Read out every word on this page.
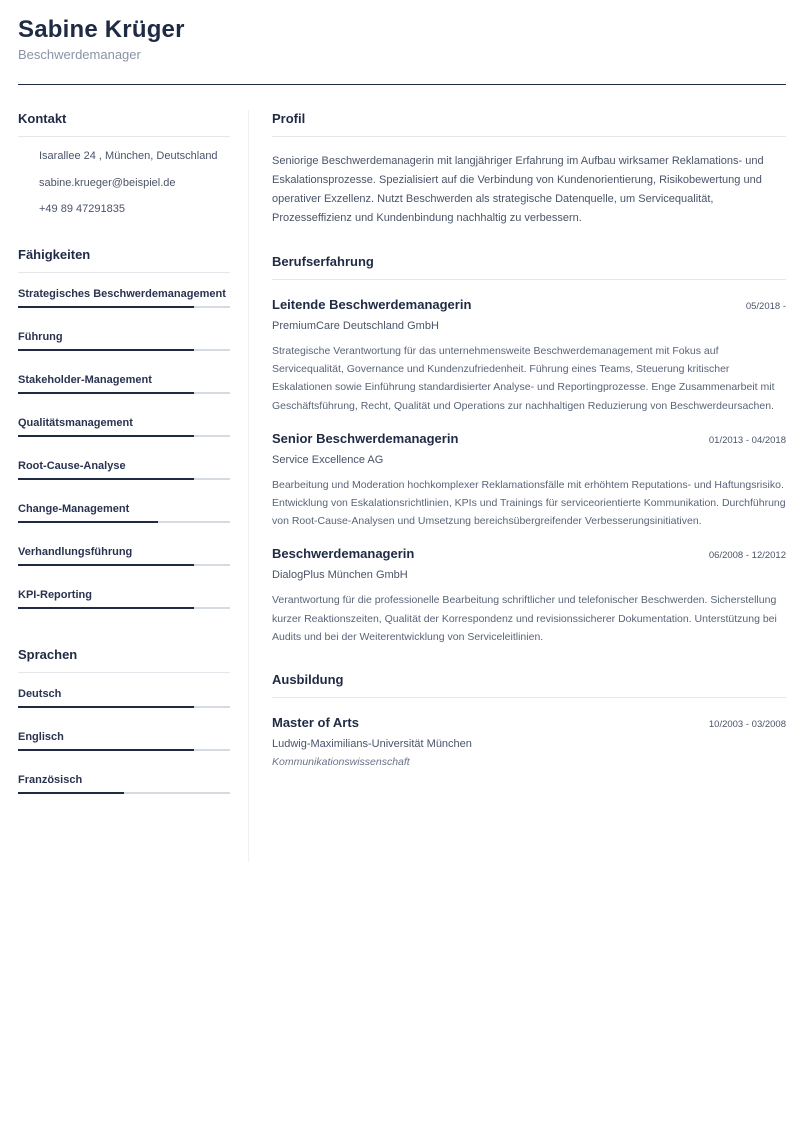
Sabine Krüger
Beschwerdemanager
Kontakt
Isarallee 24 , München, Deutschland
sabine.krueger@beispiel.de
+49 89 47291835
Fähigkeiten
Strategisches Beschwerdemanagement
Führung
Stakeholder-Management
Qualitätsmanagement
Root-Cause-Analyse
Change-Management
Verhandlungsführung
KPI-Reporting
Sprachen
Deutsch
Englisch
Französisch
Profil
Seniorige Beschwerdemanagerin mit langjähriger Erfahrung im Aufbau wirksamer Reklamations- und Eskalationsprozesse. Spezialisiert auf die Verbindung von Kundenorientierung, Risikobewertung und operativer Exzellenz. Nutzt Beschwerden als strategische Datenquelle, um Servicequalität, Prozesseffizienz und Kundenbindung nachhaltig zu verbessern.
Berufserfahrung
Leitende Beschwerdemanagerin	05/2018 -
PremiumCare Deutschland GmbH
Strategische Verantwortung für das unternehmensweite Beschwerdemanagement mit Fokus auf Servicequalität, Governance und Kundenzufriedenheit. Führung eines Teams, Steuerung kritischer Eskalationen sowie Einführung standardisierter Analyse- und Reportingprozesse. Enge Zusammenarbeit mit Geschäftsführung, Recht, Qualität und Operations zur nachhaltigen Reduzierung von Beschwerdeursachen.
Senior Beschwerdemanagerin	01/2013 - 04/2018
Service Excellence AG
Bearbeitung und Moderation hochkomplexer Reklamationsfälle mit erhöhtem Reputations- und Haftungsrisiko. Entwicklung von Eskalationsrichtlinien, KPIs und Trainings für serviceorientierte Kommunikation. Durchführung von Root-Cause-Analysen und Umsetzung bereichsübergreifender Verbesserungsinitiativen.
Beschwerdemanagerin	06/2008 - 12/2012
DialogPlus München GmbH
Verantwortung für die professionelle Bearbeitung schriftlicher und telefonischer Beschwerden. Sicherstellung kurzer Reaktionszeiten, Qualität der Korrespondenz und revisionssicherer Dokumentation. Unterstützung bei Audits und bei der Weiterentwicklung von Serviceleitlinien.
Ausbildung
Master of Arts	10/2003 - 03/2008
Ludwig-Maximilians-Universität München
Kommunikationswissenschaft
